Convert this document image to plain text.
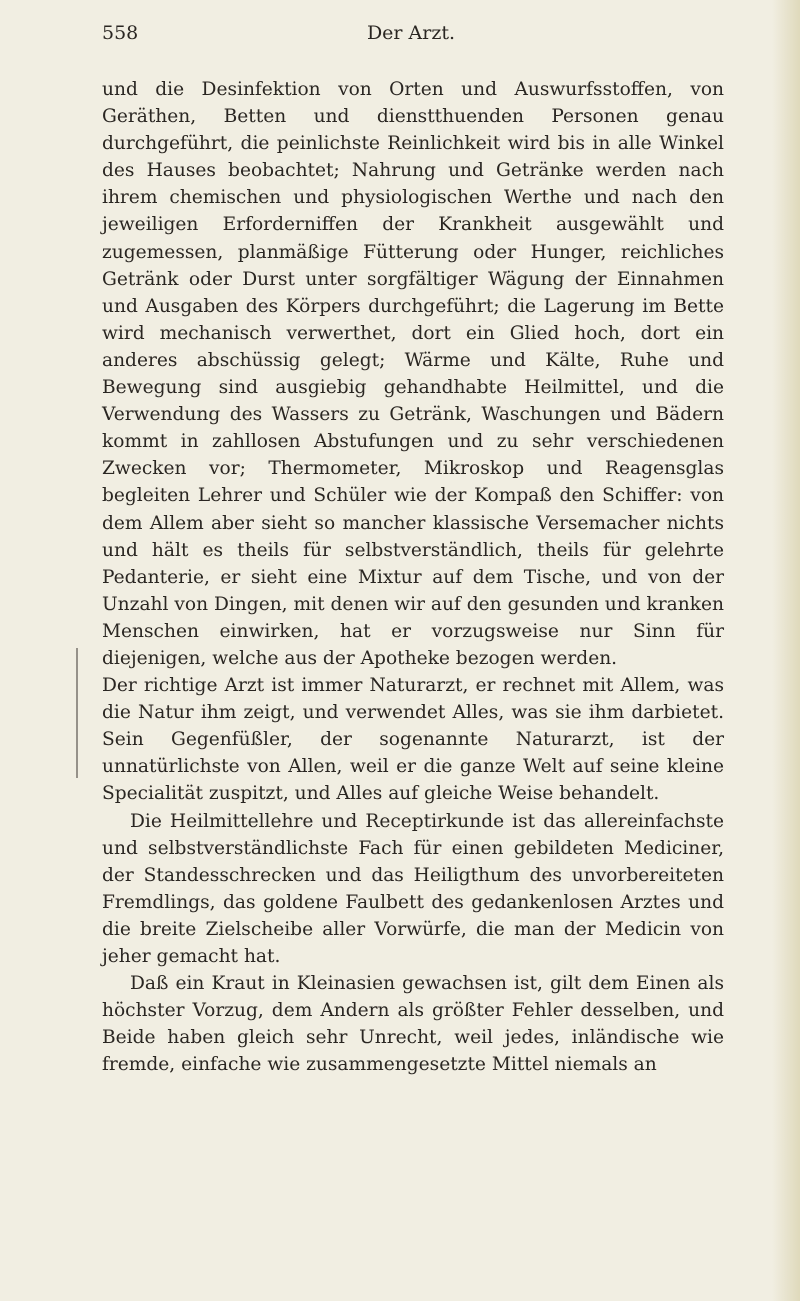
558	Der Arzt.

und die Desinfektion von Orten und Auswurfsstoffen, von Geräthen, Betten und dienstthuenden Personen genau durchgeführt, die peinlichste Reinlichkeit wird bis in alle Winkel des Hauses beobachtet; Nahrung und Getränke werden nach ihrem chemischen und physiologischen Werthe und nach den jeweiligen Erforderniffen der Krankheit ausgewählt und zugemessen, planmäßige Fütterung oder Hunger, reichliches Getränk oder Durst unter sorgfältiger Wägung der Einnahmen und Ausgaben des Körpers durchgeführt; die Lagerung im Bette wird mechanisch verwerthet, dort ein Glied hoch, dort ein anderes abschüssig gelegt; Wärme und Kälte, Ruhe und Bewegung sind ausgiebig gehandhabte Heilmittel, und die Verwendung des Wassers zu Getränk, Waschungen und Bädern kommt in zahllosen Abstufungen und zu sehr verschiedenen Zwecken vor; Thermometer, Mikroskop und Reagensglas begleiten Lehrer und Schüler wie der Kompaß den Schiffer: von dem Allem aber sieht so mancher klassische Versemacher nichts und hält es theils für selbstverständlich, theils für gelehrte Pedanterie, er sieht eine Mixtur auf dem Tische, und von der Unzahl von Dingen, mit denen wir auf den gesunden und kranken Menschen einwirken, hat er vorzugsweise nur Sinn für diejenigen, welche aus der Apotheke bezogen werden.

Der richtige Arzt ist immer Naturarzt, er rechnet mit Allem, was die Natur ihm zeigt, und verwendet Alles, was sie ihm darbietet. Sein Gegenfüßler, der sogenannte Naturarzt, ist der unnatürlichste von Allen, weil er die ganze Welt auf seine kleine Specialität zuspitzt, und Alles auf gleiche Weise behandelt.

Die Heilmittellehre und Receptirkunde ist das allereinfachste und selbstverständlichste Fach für einen gebildeten Mediciner, der Standesschrecken und das Heiligthum des unvorbereiteten Fremdlings, das goldene Faulbett des gedankenlosen Arztes und die breite Zielscheibe aller Vorwürfe, die man der Medicin von jeher gemacht hat.

Daß ein Kraut in Kleinasien gewachsen ist, gilt dem Einen als höchster Vorzug, dem Andern als größter Fehler desselben, und Beide haben gleich sehr Unrecht, weil jedes, inländische wie fremde, einfache wie zusammengesetzte Mittel niemals an
